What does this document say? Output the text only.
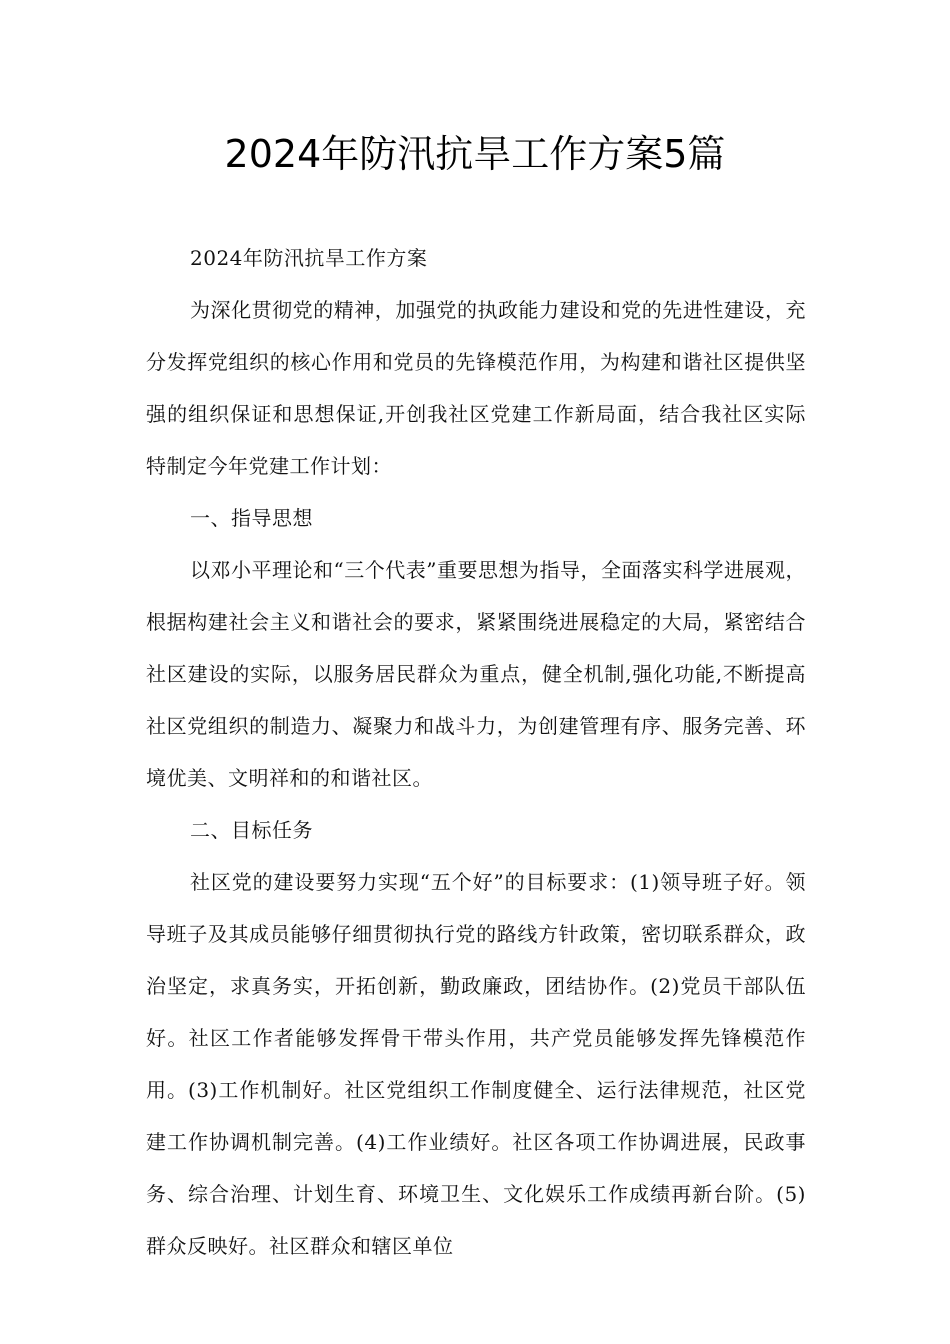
2024年防汛抗旱工作方案5篇

2024年防汛抗旱工作方案

为深化贯彻党的精神，加强党的执政能力建设和党的先进性建设，充分发挥党组织的核心作用和党员的先锋模范作用，为构建和谐社区提供坚强的组织保证和思想保证,开创我社区党建工作新局面，结合我社区实际特制定今年党建工作计划：

一、指导思想

以邓小平理论和“三个代表”重要思想为指导，全面落实科学进展观，根据构建社会主义和谐社会的要求，紧紧围绕进展稳定的大局，紧密结合社区建设的实际，以服务居民群众为重点，健全机制,强化功能,不断提高社区党组织的制造力、凝聚力和战斗力，为创建管理有序、服务完善、环境优美、文明祥和的和谐社区。

二、目标任务

社区党的建设要努力实现“五个好”的目标要求：(1)领导班子好。领导班子及其成员能够仔细贯彻执行党的路线方针政策，密切联系群众，政治坚定，求真务实，开拓创新，勤政廉政，团结协作。(2)党员干部队伍好。社区工作者能够发挥骨干带头作用，共产党员能够发挥先锋模范作用。(3)工作机制好。社区党组织工作制度健全、运行法律规范，社区党建工作协调机制完善。(4)工作业绩好。社区各项工作协调进展，民政事务、综合治理、计划生育、环境卫生、文化娱乐工作成绩再新台阶。(5)群众反映好。社区群众和辖区单位
